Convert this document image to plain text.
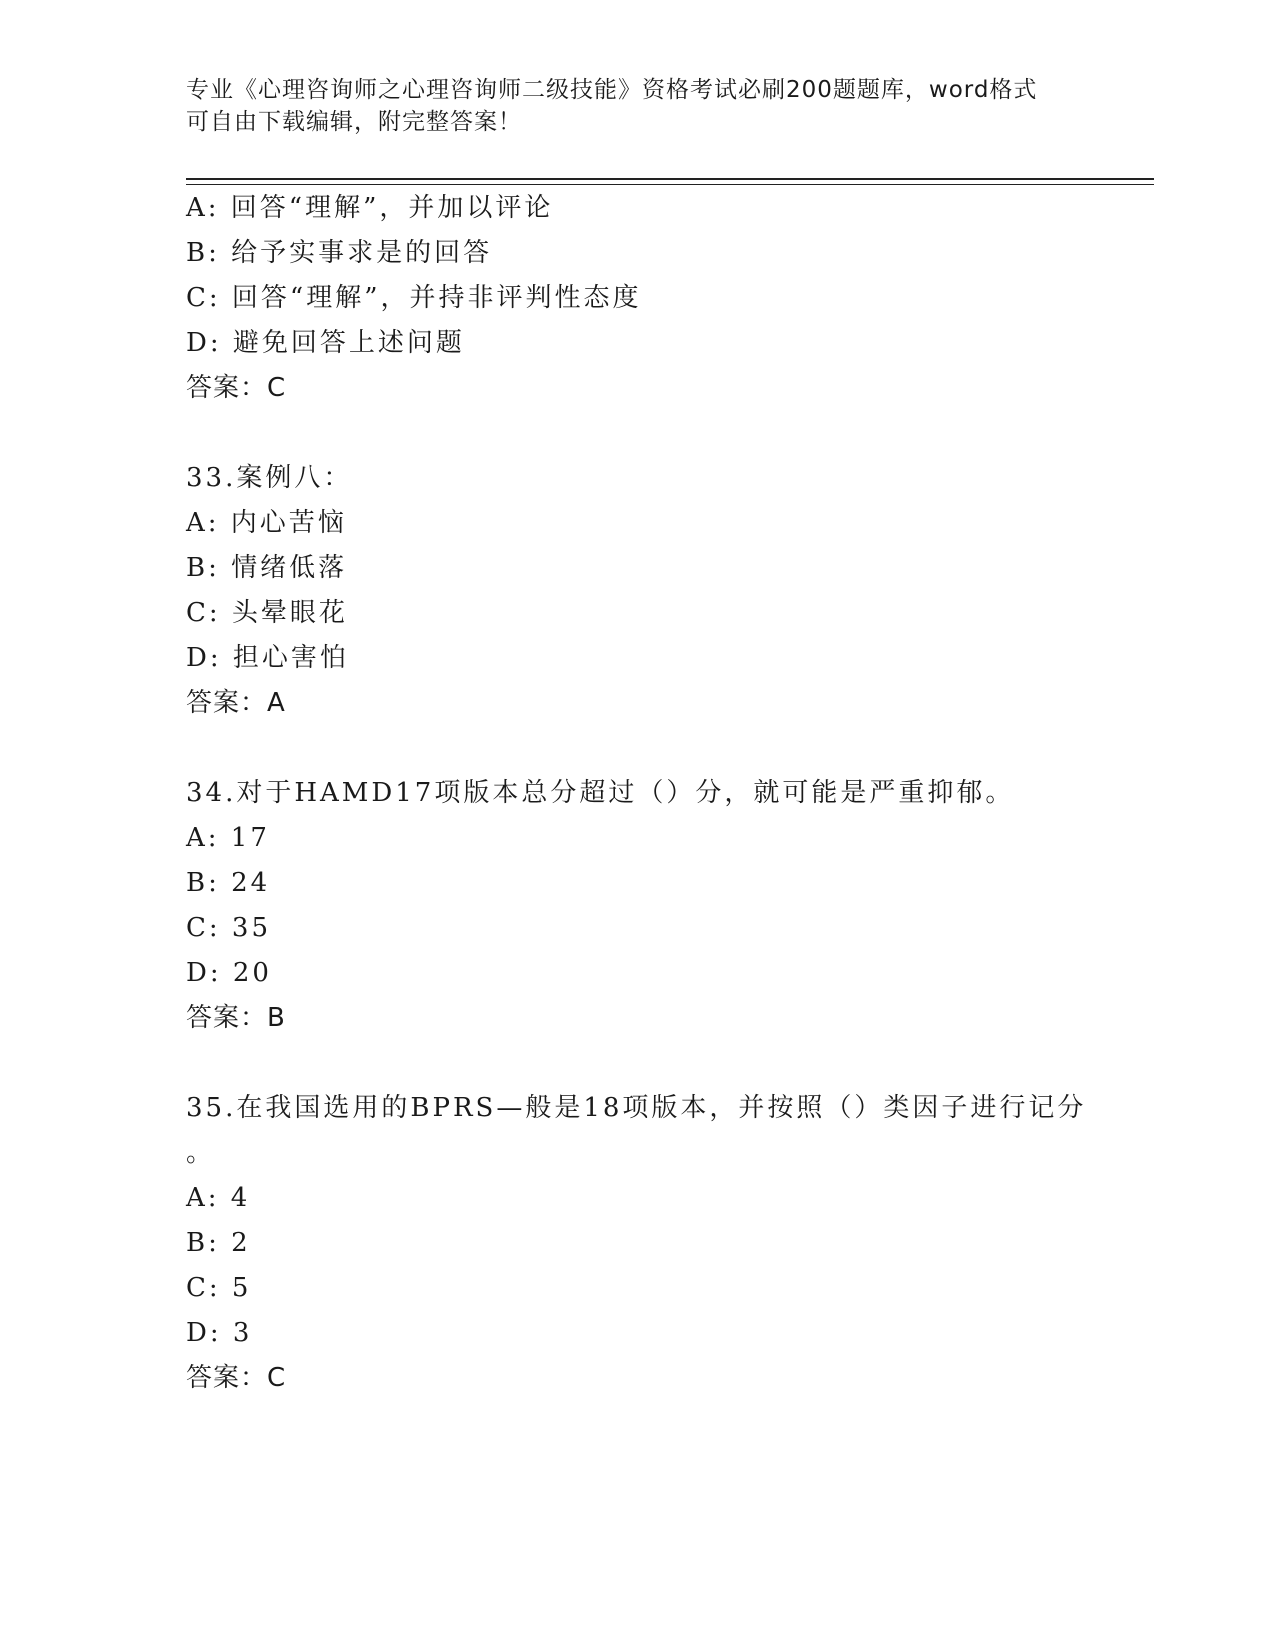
专业《心理咨询师之心理咨询师二级技能》资格考试必刷200题题库，word格式
可自由下载编辑，附完整答案！
A: 回答“理解”，并加以评论
B: 给予实事求是的回答
C: 回答“理解”，并持非评判性态度
D: 避免回答上述问题
答案：C
33.案例八：
A: 内心苦恼
B: 情绪低落
C: 头晕眼花
D: 担心害怕
答案：A
34.对于HAMD17项版本总分超过（）分，就可能是严重抑郁。
A: 17
B: 24
C: 35
D: 20
答案：B
35.在我国选用的BPRS—般是18项版本，并按照（）类因子进行记分
。
A: 4
B: 2
C: 5
D: 3
答案：C
